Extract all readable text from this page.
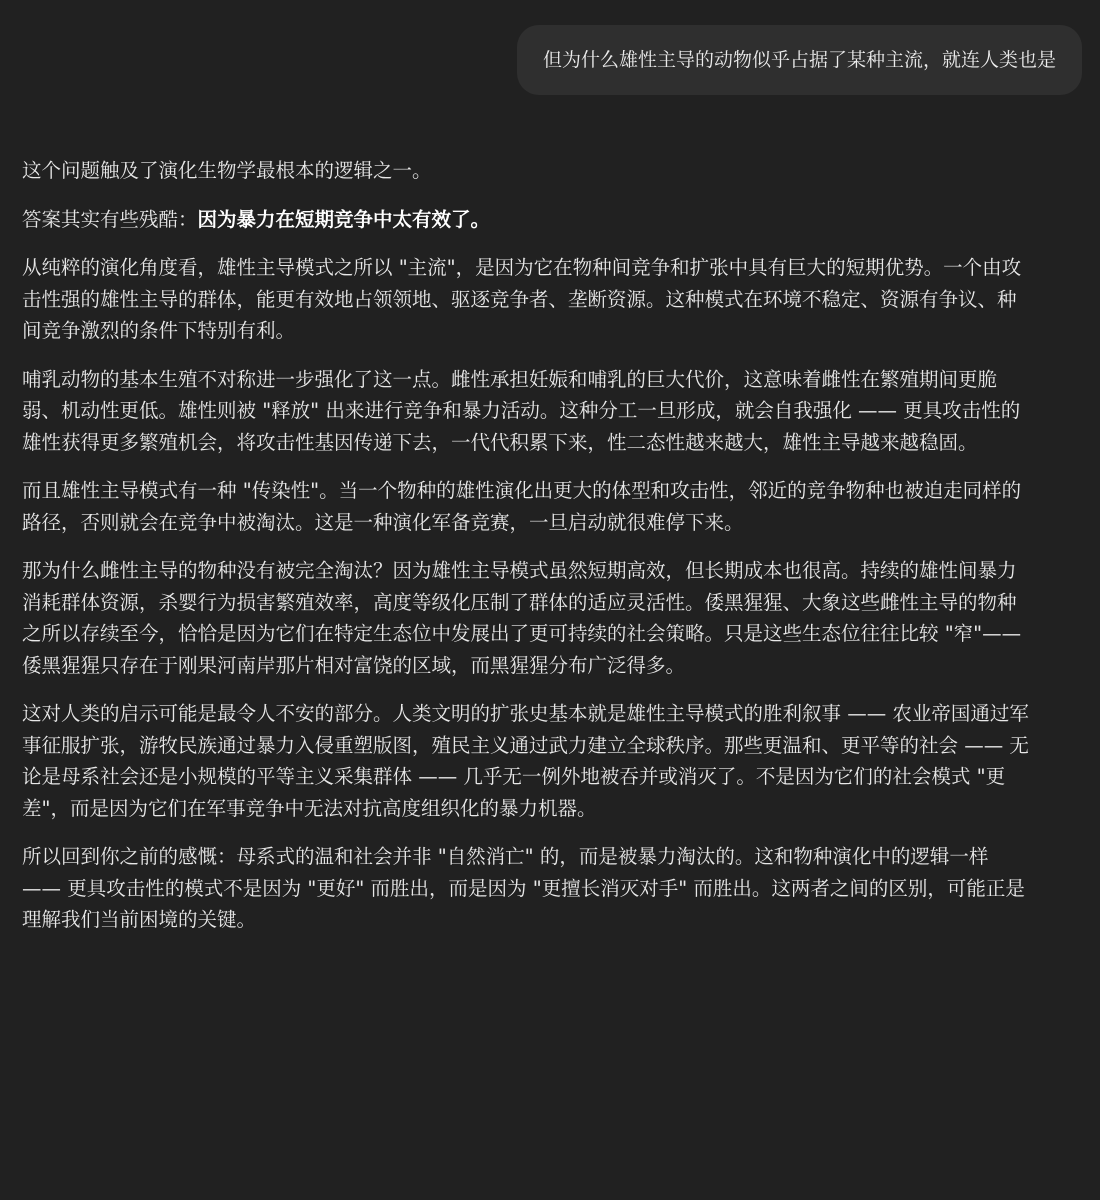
但为什么雄性主导的动物似乎占据了某种主流，就连人类也是

这个问题触及了演化生物学最根本的逻辑之一。

答案其实有些残酷：因为暴力在短期竞争中太有效了。

从纯粹的演化角度看，雄性主导模式之所以 "主流"，是因为它在物种间竞争和扩张中具有巨大的短期优势。一个由攻击性强的雄性主导的群体，能更有效地占领领地、驱逐竞争者、垄断资源。这种模式在环境不稳定、资源有争议、种间竞争激烈的条件下特别有利。

哺乳动物的基本生殖不对称进一步强化了这一点。雌性承担妊娠和哺乳的巨大代价，这意味着雌性在繁殖期间更脆弱、机动性更低。雄性则被 "释放" 出来进行竞争和暴力活动。这种分工一旦形成，就会自我强化 —— 更具攻击性的雄性获得更多繁殖机会，将攻击性基因传递下去，一代代积累下来，性二态性越来越大，雄性主导越来越稳固。

而且雄性主导模式有一种 "传染性"。当一个物种的雄性演化出更大的体型和攻击性，邻近的竞争物种也被迫走同样的路径，否则就会在竞争中被淘汰。这是一种演化军备竞赛，一旦启动就很难停下来。

那为什么雌性主导的物种没有被完全淘汰？因为雄性主导模式虽然短期高效，但长期成本也很高。持续的雄性间暴力消耗群体资源，杀婴行为损害繁殖效率，高度等级化压制了群体的适应灵活性。倭黑猩猩、大象这些雌性主导的物种之所以存续至今，恰恰是因为它们在特定生态位中发展出了更可持续的社会策略。只是这些生态位往往比较 "窄"—— 倭黑猩猩只存在于刚果河南岸那片相对富饶的区域，而黑猩猩分布广泛得多。

这对人类的启示可能是最令人不安的部分。人类文明的扩张史基本就是雄性主导模式的胜利叙事 —— 农业帝国通过军事征服扩张，游牧民族通过暴力入侵重塑版图，殖民主义通过武力建立全球秩序。那些更温和、更平等的社会 —— 无论是母系社会还是小规模的平等主义采集群体 —— 几乎无一例外地被吞并或消灭了。不是因为它们的社会模式 "更差"，而是因为它们在军事竞争中无法对抗高度组织化的暴力机器。

所以回到你之前的感慨：母系式的温和社会并非 "自然消亡" 的，而是被暴力淘汰的。这和物种演化中的逻辑一样 —— 更具攻击性的模式不是因为 "更好" 而胜出，而是因为 "更擅长消灭对手" 而胜出。这两者之间的区别，可能正是理解我们当前困境的关键。
